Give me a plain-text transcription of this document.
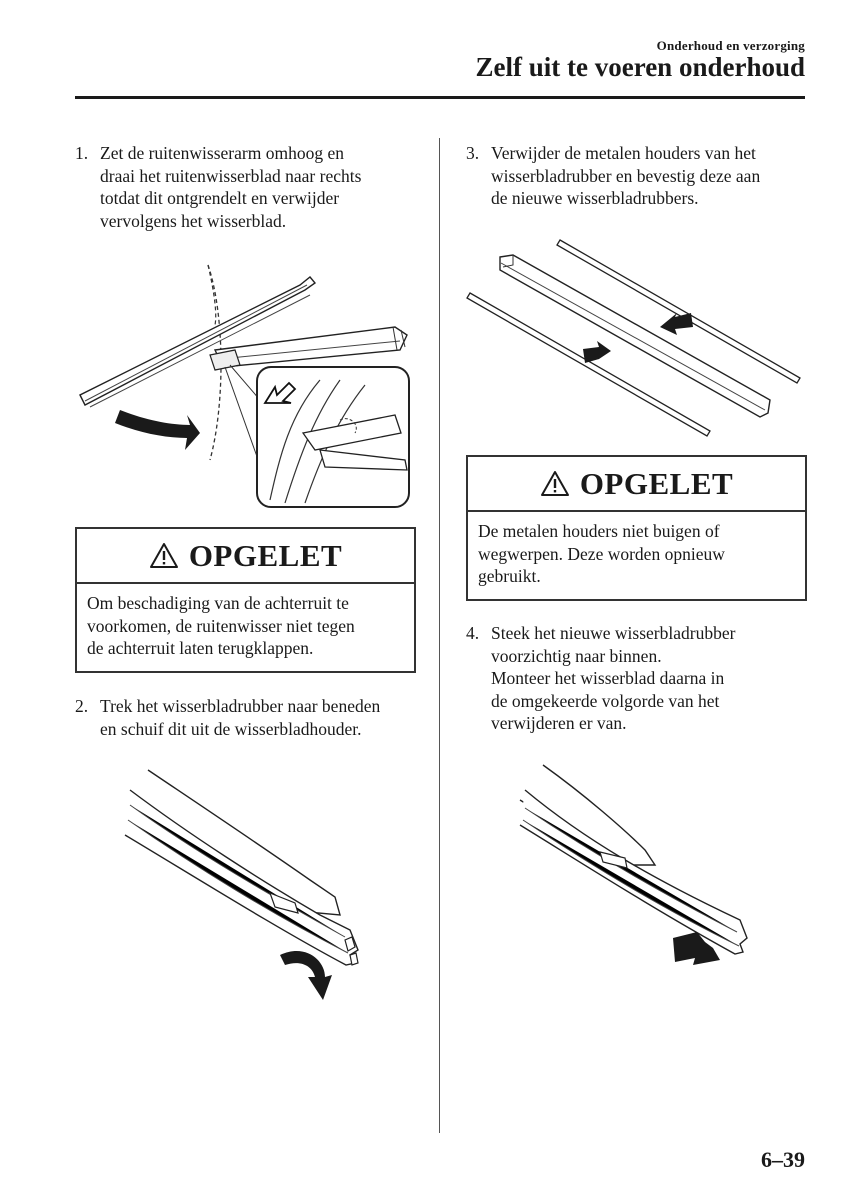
Onderhoud en verzorging
Zelf uit te voeren onderhoud
1. Zet de ruitenwisserarm omhoog en
draai het ruitenwisserblad naar rechts
totdat dit ontgrendelt en verwijder
vervolgens het wisserblad.
OPGELET
Om beschadiging van de achterruit te
voorkomen, de ruitenwisser niet tegen
de achterruit laten terugklappen.
2. Trek het wisserbladrubber naar beneden
en schuif dit uit de wisserbladhouder.
3. Verwijder de metalen houders van het
wisserbladrubber en bevestig deze aan
de nieuwe wisserbladrubbers.
OPGELET
De metalen houders niet buigen of
wegwerpen. Deze worden opnieuw
gebruikt.
4. Steek het nieuwe wisserbladrubber
voorzichtig naar binnen.
Monteer het wisserblad daarna in
de omgekeerde volgorde van het
verwijderen er van.
6–39
